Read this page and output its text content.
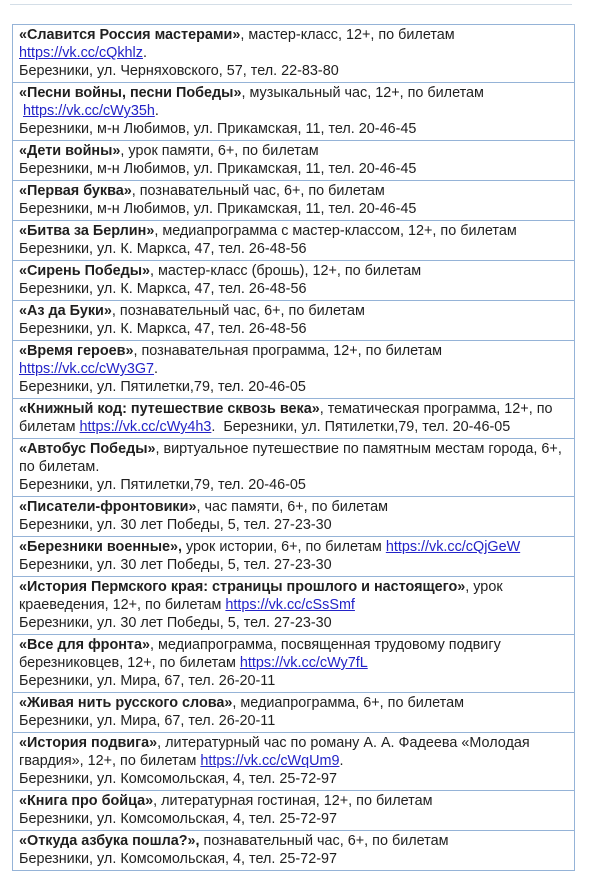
«Славится Россия мастерами», мастер-класс, 12+, по билетам https://vk.cc/cQkhlz.
Березники, ул. Черняховского, 57, тел. 22-83-80
«Песни войны, песни Победы», музыкальный час, 12+, по билетам  https://vk.cc/cWy35h.
Березники, м-н Любимов, ул. Прикамская, 11, тел. 20-46-45
«Дети войны», урок памяти, 6+, по билетам
Березники, м-н Любимов, ул. Прикамская, 11, тел. 20-46-45
«Первая буква», познавательный час, 6+, по билетам
Березники, м-н Любимов, ул. Прикамская, 11, тел. 20-46-45
«Битва за Берлин», медиапрограмма с мастер-классом, 12+, по билетам
Березники, ул. К. Маркса, 47, тел. 26-48-56
«Сирень Победы», мастер-класс (брошь), 12+, по билетам
Березники, ул. К. Маркса, 47, тел. 26-48-56
«Аз да Буки», познавательный час, 6+, по билетам
Березники, ул. К. Маркса, 47, тел. 26-48-56
«Время героев», познавательная программа, 12+, по билетам https://vk.cc/cWy3G7.
Березники, ул. Пятилетки,79, тел. 20-46-05
«Книжный код: путешествие сквозь века», тематическая программа, 12+, по билетам https://vk.cc/cWy4h3. Березники, ул. Пятилетки,79, тел. 20-46-05
«Автобус Победы», виртуальное путешествие по памятным местам города, 6+, по билетам.
Березники, ул. Пятилетки,79, тел. 20-46-05
«Писатели-фронтовики», час памяти, 6+, по билетам
Березники, ул. 30 лет Победы, 5, тел. 27-23-30
«Березники военные», урок истории, 6+, по билетам https://vk.cc/cQjGeW
Березники, ул. 30 лет Победы, 5, тел. 27-23-30
«История Пермского края: страницы прошлого и настоящего», урок краеведения, 12+, по билетам https://vk.cc/cSsSmf
Березники, ул. 30 лет Победы, 5, тел. 27-23-30
«Все для фронта», медиапрограмма, посвященная трудовому подвигу березниковцев, 12+, по билетам https://vk.cc/cWy7fL
Березники, ул. Мира, 67, тел. 26-20-11
«Живая нить русского слова», медиапрограмма, 6+, по билетам
Березники, ул. Мира, 67, тел. 26-20-11
«История подвига», литературный час по роману А. А. Фадеева «Молодая гвардия», 12+, по билетам https://vk.cc/cWqUm9.
Березники, ул. Комсомольская, 4, тел. 25-72-97
«Книга про бойца», литературная гостиная, 12+, по билетам
Березники, ул. Комсомольская, 4, тел. 25-72-97
«Откуда азбука пошла?», познавательный час, 6+, по билетам
Березники, ул. Комсомольская, 4, тел. 25-72-97
